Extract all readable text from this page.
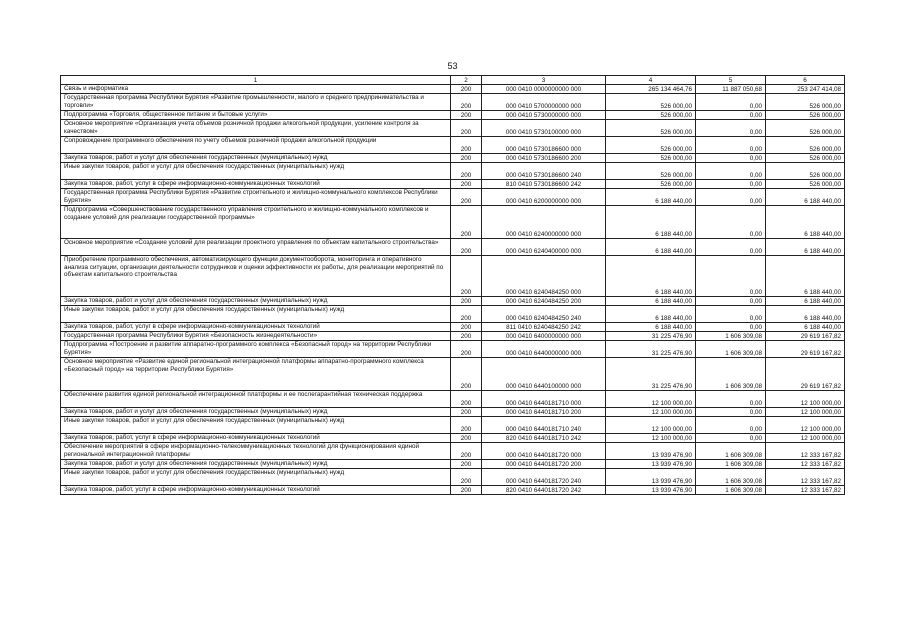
53
1	2	3	4	5	6
Связь и информатика	200	000 0410 0000000000 000	265 134 464,76	11 887 050,68	253 247 414,08
Государственная программа Республики Бурятия «Развитие промышленности, малого и среднего предпринимательства и торговли»	200	000 0410 5700000000 000	526 000,00	0,00	526 000,00
Подпрограмма «Торговля, общественное питание и бытовые услуги»	200	000 0410 5730000000 000	526 000,00	0,00	526 000,00
Основное мероприятие «Организация учета объемов розничной продажи алкогольной продукции, усиление контроля за качеством»	200	000 0410 5730100000 000	526 000,00	0,00	526 000,00
Сопровождение программного обеспечения по учету объемов розничной продажи алкогольной продукции	200	000 0410 5730186600 000	526 000,00	0,00	526 000,00
Закупка товаров, работ и услуг для обеспечения государственных (муниципальных) нужд	200	000 0410 5730186600 200	526 000,00	0,00	526 000,00
Иные закупки товаров, работ и услуг для обеспечения государственных (муниципальных) нужд	200	000 0410 5730186600 240	526 000,00	0,00	526 000,00
Закупка товаров, работ, услуг в сфере информационно-коммуникационных технологий	200	810 0410 5730186600 242	526 000,00	0,00	526 000,00
Государственная программа Республики Бурятия «Развитие строительного и жилищно-коммунального комплексов Республики Бурятия»	200	000 0410 6200000000 000	6 188 440,00	0,00	6 188 440,00
Подпрограмма «Совершенствование государственного управления строительного и жилищно-коммунального комплексов и создание условий для реализации государственной программы»	200	000 0410 6240000000 000	6 188 440,00	0,00	6 188 440,00
Основное мероприятие «Создание условий для реализации проектного управления по объектам капитального строительства»	200	000 0410 6240400000 000	6 188 440,00	0,00	6 188 440,00
Приобретение программного обеспечения, автоматизирующего функции документооборота, мониторинга и оперативного анализа ситуации, организации деятельности сотрудников и оценки эффективности их работы, для реализации мероприятий по объектам капитального строительства	200	000 0410 6240484250 000	6 188 440,00	0,00	6 188 440,00
Закупка товаров, работ и услуг для обеспечения государственных (муниципальных) нужд	200	000 0410 6240484250 200	6 188 440,00	0,00	6 188 440,00
Иные закупки товаров, работ и услуг для обеспечения государственных (муниципальных) нужд	200	000 0410 6240484250 240	6 188 440,00	0,00	6 188 440,00
Закупка товаров, работ, услуг в сфере информационно-коммуникационных технологий	200	811 0410 6240484250 242	6 188 440,00	0,00	6 188 440,00
Государственная программа Республики Бурятия «Безопасность жизнедеятельности»	200	000 0410 6400000000 000	31 225 476,90	1 606 309,08	29 619 167,82
Подпрограмма «Построение и развитие аппаратно-программного комплекса «Безопасный город» на территории Республики Бурятия»	200	000 0410 6440000000 000	31 225 476,90	1 606 309,08	29 619 167,82
Основное мероприятие «Развитие единой региональной интеграционной платформы аппаратно-программного комплекса «Безопасный город» на территории Республики Бурятия»	200	000 0410 6440100000 000	31 225 476,90	1 606 309,08	29 619 167,82
Обеспечение развития единой региональной интеграционной платформы и ее послегарантийная техническая поддержка	200	000 0410 6440181710 000	12 100 000,00	0,00	12 100 000,00
Закупка товаров, работ и услуг для обеспечения государственных (муниципальных) нужд	200	000 0410 6440181710 200	12 100 000,00	0,00	12 100 000,00
Иные закупки товаров, работ и услуг для обеспечения государственных (муниципальных) нужд	200	000 0410 6440181710 240	12 100 000,00	0,00	12 100 000,00
Закупка товаров, работ, услуг в сфере информационно-коммуникационных технологий	200	820 0410 6440181710 242	12 100 000,00	0,00	12 100 000,00
Обеспечение мероприятий в сфере информационно-телекоммуникационных технологий для функционирования единой региональной интеграционной платформы	200	000 0410 6440181720 000	13 939 476,90	1 606 309,08	12 333 167,82
Закупка товаров, работ и услуг для обеспечения государственных (муниципальных) нужд	200	000 0410 6440181720 200	13 939 476,90	1 606 309,08	12 333 167,82
Иные закупки товаров, работ и услуг для обеспечения государственных (муниципальных) нужд	200	000 0410 6440181720 240	13 939 476,90	1 606 309,08	12 333 167,82
Закупка товаров, работ, услуг в сфере информационно-коммуникационных технологий	200	820 0410 6440181720 242	13 939 476,90	1 606 309,08	12 333 167,82
